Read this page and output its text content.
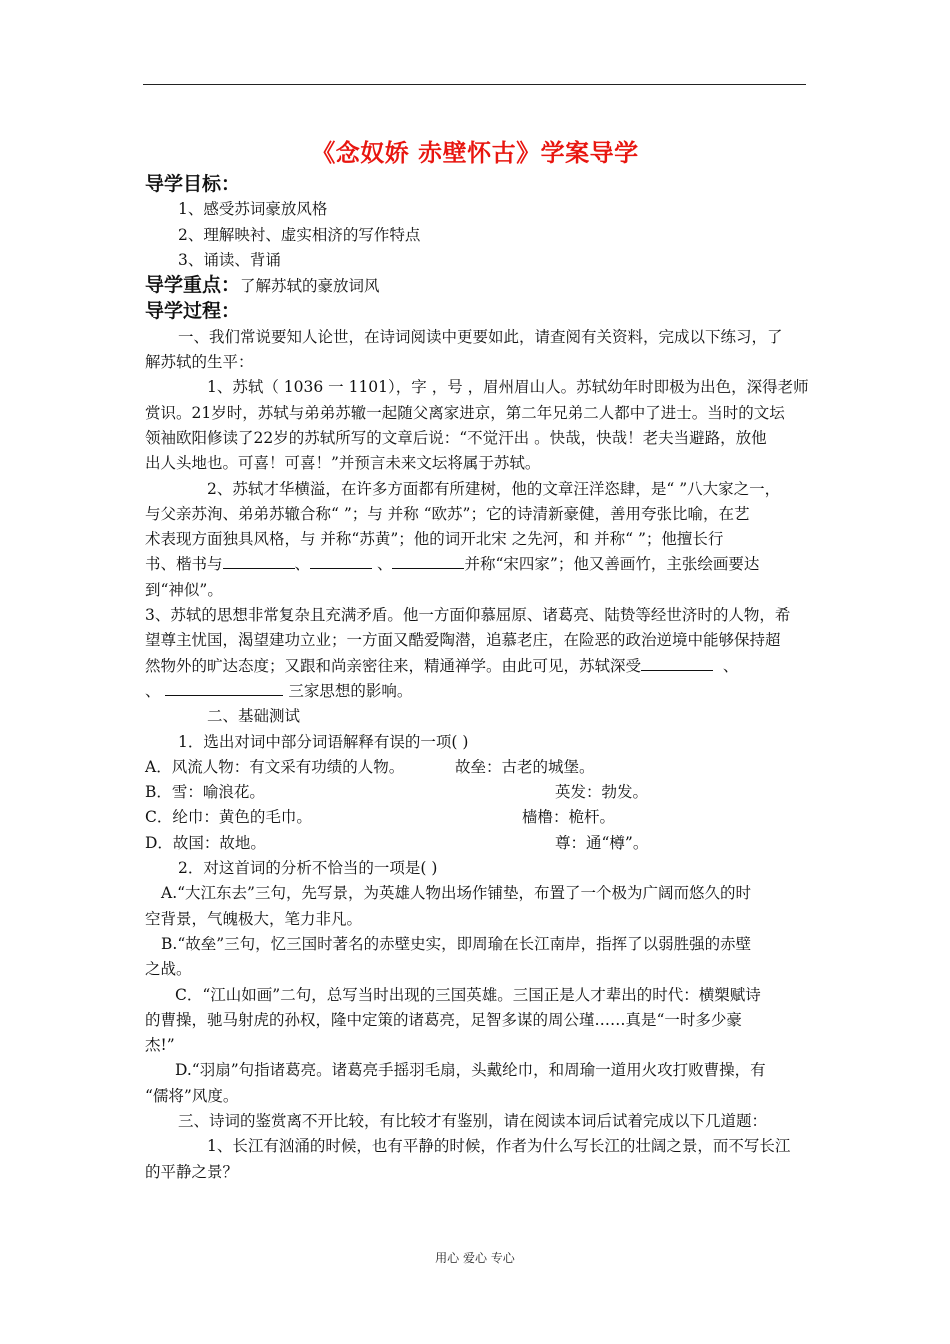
《念奴娇 赤壁怀古》学案导学

导学目标：

1、感受苏词豪放风格

2、理解映衬、虚实相济的写作特点

3、诵读、背诵

导学重点：了解苏轼的豪放词风

导学过程：

一、我们常说要知人论世，在诗词阅读中更要如此，请查阅有关资料，完成以下练习，了
解苏轼的生平：

1、苏轼（ 1036 一 1101），字 ，号 ，眉州眉山人。苏轼幼年时即极为出色，深得老师
赏识。21岁时，苏轼与弟弟苏辙一起随父离家进京，第二年兄弟二人都中了进士。当时的文坛
领袖欧阳修读了22岁的苏轼所写的文章后说：“不觉汗出 。快哉，快哉！老夫当避路，放他
出人头地也。可喜！可喜！”并预言未来文坛将属于苏轼。

2、苏轼才华横溢，在许多方面都有所建树，他的文章汪洋恣肆，是“ ”八大家之一，
与父亲苏洵、弟弟苏辙合称“ ”；与 并称 “欧苏”；它的诗清新豪健，善用夸张比喻，在艺
术表现方面独具风格，与 并称“苏黄”；他的词开北宋 之先河，和 并称“ ”；他擅长行
书、楷书与	、	、	并称“宋四家”；他又善画竹，主张绘画要达
到“神似”。

3、苏轼的思想非常复杂且充满矛盾。他一方面仰慕屈原、诸葛亮、陆贽等经世济时的人物，希
望尊主忧国，渴望建功立业；一方面又酷爱陶潜，追慕老庄，在险恶的政治逆境中能够保持超
然物外的旷达态度；又跟和尚亲密往来，精通禅学。由此可见，苏轼深受	、
、	三家思想的影响。

二、基础测试

1．选出对词中部分词语解释有误的一项( )

A．风流人物：有文采有功绩的人物。	故垒：古老的城堡。

B．雪：喻浪花。	英发：勃发。

C．纶巾：黄色的毛巾。	樯橹：桅杆。

D．故国：故地。	尊：通“樽”。

2．对这首词的分析不恰当的一项是( )

A.“大江东去”三句，先写景，为英雄人物出场作铺垫，布置了一个极为广阔而悠久的时
空背景，气魄极大，笔力非凡。

B.“故垒”三句，忆三国时著名的赤壁史实，即周瑜在长江南岸，指挥了以弱胜强的赤壁
之战。

C．“江山如画”二句，总写当时出现的三国英雄。三国正是人才辈出的时代：横槊赋诗
的曹操，驰马射虎的孙权，隆中定策的诸葛亮，足智多谋的周公瑾……真是“一时多少豪
杰!”

D.“羽扇”句指诸葛亮。诸葛亮手摇羽毛扇，头戴纶巾，和周瑜一道用火攻打败曹操，有
“儒将”风度。

三、诗词的鉴赏离不开比较，有比较才有鉴别，请在阅读本词后试着完成以下几道题：

1、长江有汹涌的时候，也有平静的时候，作者为什么写长江的壮阔之景，而不写长江
的平静之景？

用心 爱心 专心
